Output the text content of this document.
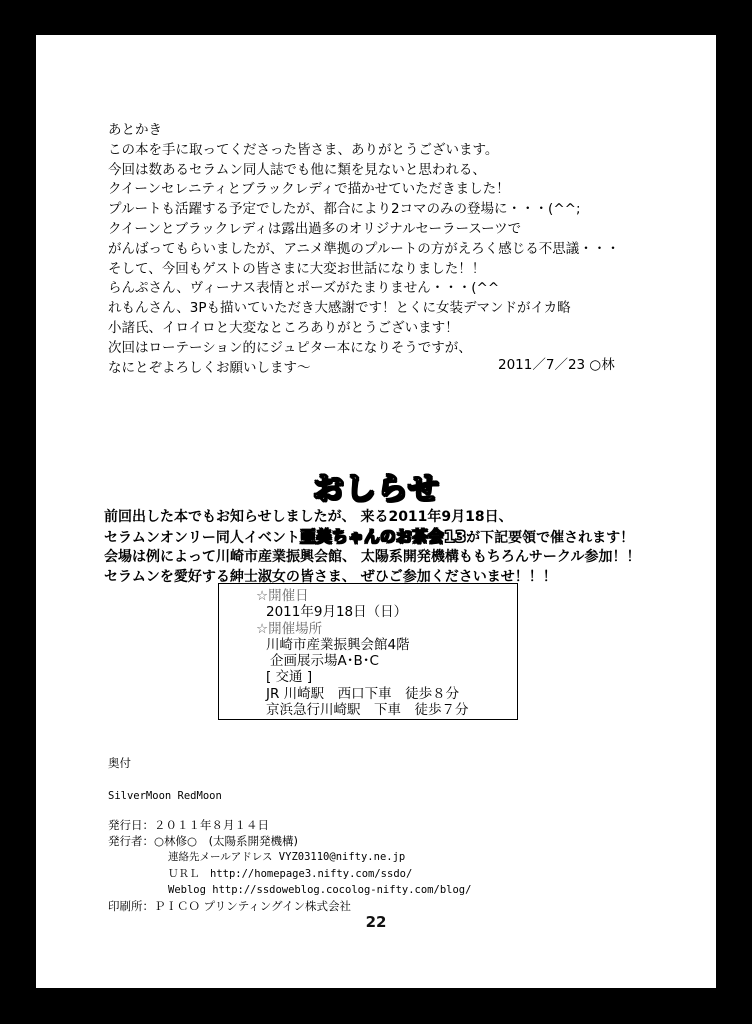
あとかき
この本を手に取ってくださった皆さま、ありがとうございます。
今回は数あるセラムン同人誌でも他に類を見ないと思われる、
クイーンセレニティとブラックレディで描かせていただきました！
プルートも活躍する予定でしたが、都合により2コマのみの登場に・・・(^^;
クイーンとブラックレディは露出過多のオリジナルセーラースーツで
がんばってもらいましたが、アニメ準拠のプルートの方がえろく感じる不思議・・・
そして、今回もゲストの皆さまに大変お世話になりました！！
らんぷさん、ヴィーナス表情とポーズがたまりません・・・(^^
れもんさん、3Pも描いていただき大感謝です！とくに女装デマンドがイカ略
小諸氏、イロイロと大変なところありがとうございます！
次回はローテーション的にジュピター本になりそうですが、
なにとぞよろしくお願いします～	2011／7／23 ○林
おしらせ
前回出した本でもお知らせしましたが、 来る2011年9月18日、
セラムンオンリー同人イベント亜美ちゃんのお茶会13が下記要領で催されます！
会場は例によって川崎市産業振興会館、 太陽系開発機構ももちろんサークル参加！！
セラムンを愛好する紳士淑女の皆さま、 ぜひご参加くださいませ！！！
☆開催日
2011年9月18日（日）
☆開催場所
川崎市産業振興会館4階
企画展示場A･B･C
[ 交通 ]
JR 川崎駅　西口下車　徒歩８分
京浜急行川崎駅　下車　徒歩７分
奥付
SilverMoon RedMoon
発行日：２０１１年８月１４日
発行者：○林修○　(太陽系開発機構)
連絡先メールアドレス VYZ03110@nifty.ne.jp
ＵＲＬ　http://homepage3.nifty.com/ssdo/
Weblog http://ssdoweblog.cocolog-nifty.com/blog/
印刷所：ＰＩＣＯ プリンティングイン株式会社
22
